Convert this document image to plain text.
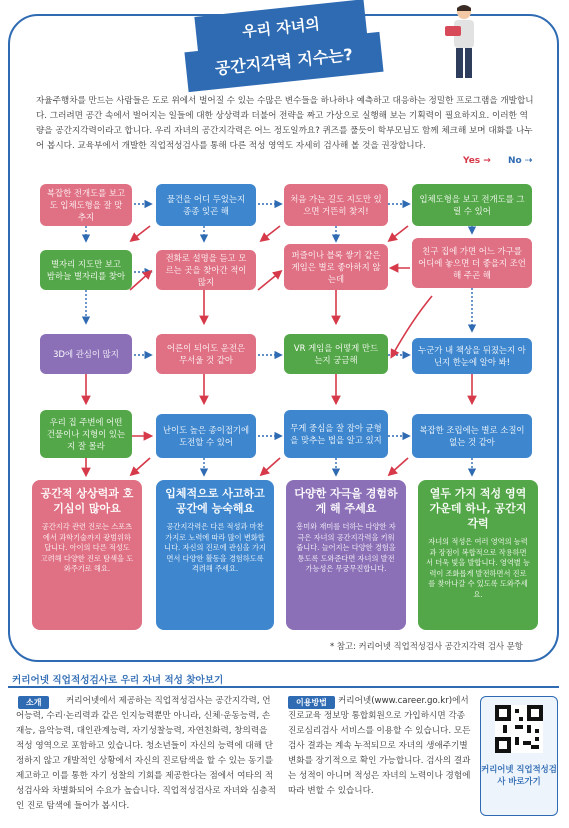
우리 자녀의
공간지각력 지수는?
자율주행차를 만드는 사람들은 도로 위에서 벌어질 수 있는 수많은 변수들을 하나하나 예측하고 대응하는 정밀한 프로그램을 개발합니다. 그러려면 공간 속에서 벌어지는 일들에 대한 상상력과 더불어 전략을 짜고 가상으로 실행해 보는 기획력이 필요하지요. 이러한 역량을 공간지각력이라고 합니다. 우리 자녀의 공간지각력은 어느 정도일까요? 퀴즈를 풀듯이 학부모님도 함께 체크해 보며 대화를 나누어 봅시다. 교육부에서 개발한 직업적성검사를 통해 다른 적성 영역도 자세히 검사해 볼 것을 권장합니다.
Yes → No ⇢
복잡한 전개도를 보고도 입체도형을 잘 맞추지
물건을 어디 두었는지 종종 잊곤 해
처음 가는 길도 지도만 있으면 거뜬히 찾지!
입체도형을 보고 전개도를 그릴 수 있어
별자리 지도만 보고 밤하늘 별자리를 찾아
전화로 설명을 듣고 모르는 곳을 찾아간 적이 많지
퍼즐이나 블록 쌓기 같은 게임은 별로 좋아하지 않는데
친구 집에 가면 어느 가구를 어디에 놓으면 더 좋을지 조언해 주곤 해
3D에 관심이 많지
어른이 되어도 운전은 무서울 것 같아
VR 게임을 어떻게 만드는지 궁금해
누군가 내 책상을 뒤졌는지 아닌지 한눈에 알아 봐!
우리 집 주변에 어떤 건물이나 지형이 있는지 잘 몰라
난이도 높은 종이접기에 도전할 수 있어
무게 중심을 잘 잡아 균형을 맞추는 법을 알고 있지
복잡한 조립에는 별로 소질이 없는 것 같아
공간적 상상력과 호기심이 많아요
공간지각 관련 진로는 스포츠에서 과학기술까지 광범위하답니다. 아이의 다른 적성도 고려해 다양한 진로 탐색을 도와주기로 해요.
입체적으로 사고하고 공간에 능숙해요
공간지각력은 다른 적성과 마찬가지로 노력에 따라 많이 변화합니다. 자신의 진로에 관심을 가지면서 다양한 활동을 경험하도록 격려해 주세요.
다양한 자극을 경험하게 해 주세요
흥미와 재미를 더하는 다양한 자극은 자녀의 공간지각력을 키워 줍니다. 늘어지는 다양한 경험을 통도록 도와준다면 자녀의 발전 가능성은 무궁무진합니다.
열두 가지 적성 영역 가운데 하나, 공간지각력
자녀의 적성은 여러 영역의 능력과 장점이 복합적으로 작용하면서 더욱 빛을 발합니다. 영역별 능력이 조화롭게 발전하면서 진로를 찾아나갈 수 있도록 도와주세요.
* 참고: 커리어넷 직업적성검사 공간지각력 검사 문항
커리어넷 직업적성검사로 우리 자녀 적성 찾아보기
소개	커리어넷에서 제공하는 직업적성검사는 공간지각력, 언어능력, 수리·논리력과 같은 인지능력뿐만 아니라, 신체·운동능력, 손재능, 음악능력, 대인관계능력, 자기성찰능력, 자연친화력, 창의력을 적성 영역으로 포함하고 있습니다. 청소년들이 자신의 능력에 대해 단정하지 않고 개발적인 상황에서 자신의 진로탐색을 할 수 있는 동기를 제고하고 이를 통한 자기 성찰의 기회를 제공한다는 점에서 여타의 적성검사와 차별화되어 수요가 높습니다. 직업적성검사로 자녀와 심층적인 진로 탐색에 들어가 봅시다.
이용방법	커리어넷(www.career.go.kr)에서 진로교육 정보망 통합회원으로 가입하시면 각종 진로심리검사 서비스를 이용할 수 있습니다. 모든 검사 결과는 계속 누적되므로 자녀의 생애주기별 변화를 장기적으로 확인 가능합니다. 검사의 결과는 성적이 아니며 적성은 자녀의 노력이나 경험에 따라 변할 수 있습니다.
커리어넷 직업적성검사 바로가기
